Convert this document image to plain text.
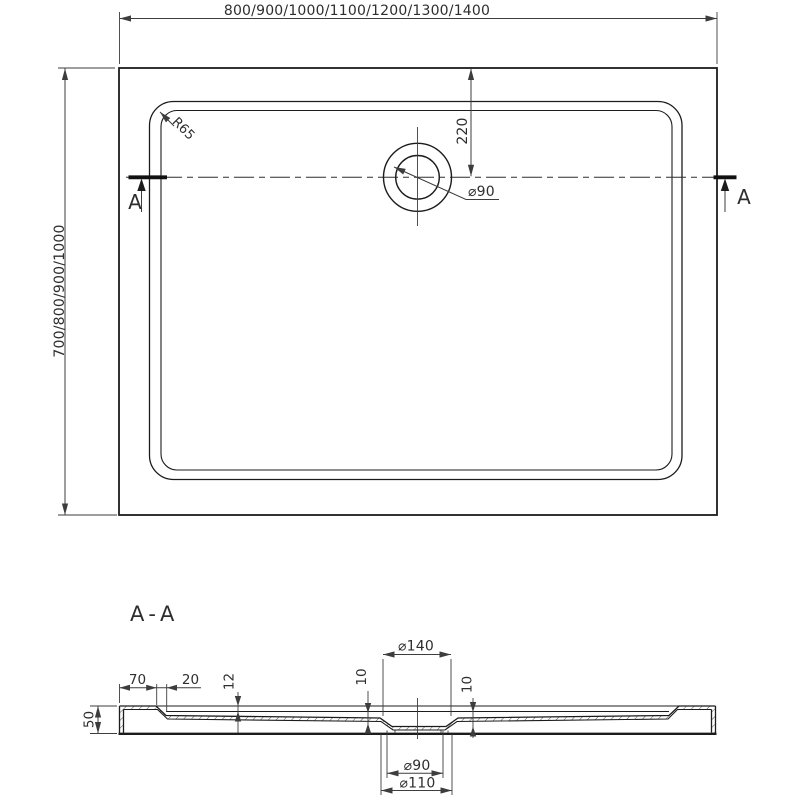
800/900/1000/1100/1200/1300/1400
700/800/900/1000
R65
A	A
220
⌀90
A-A
70	20 12	10	10
50
⌀140
⌀90
⌀110
